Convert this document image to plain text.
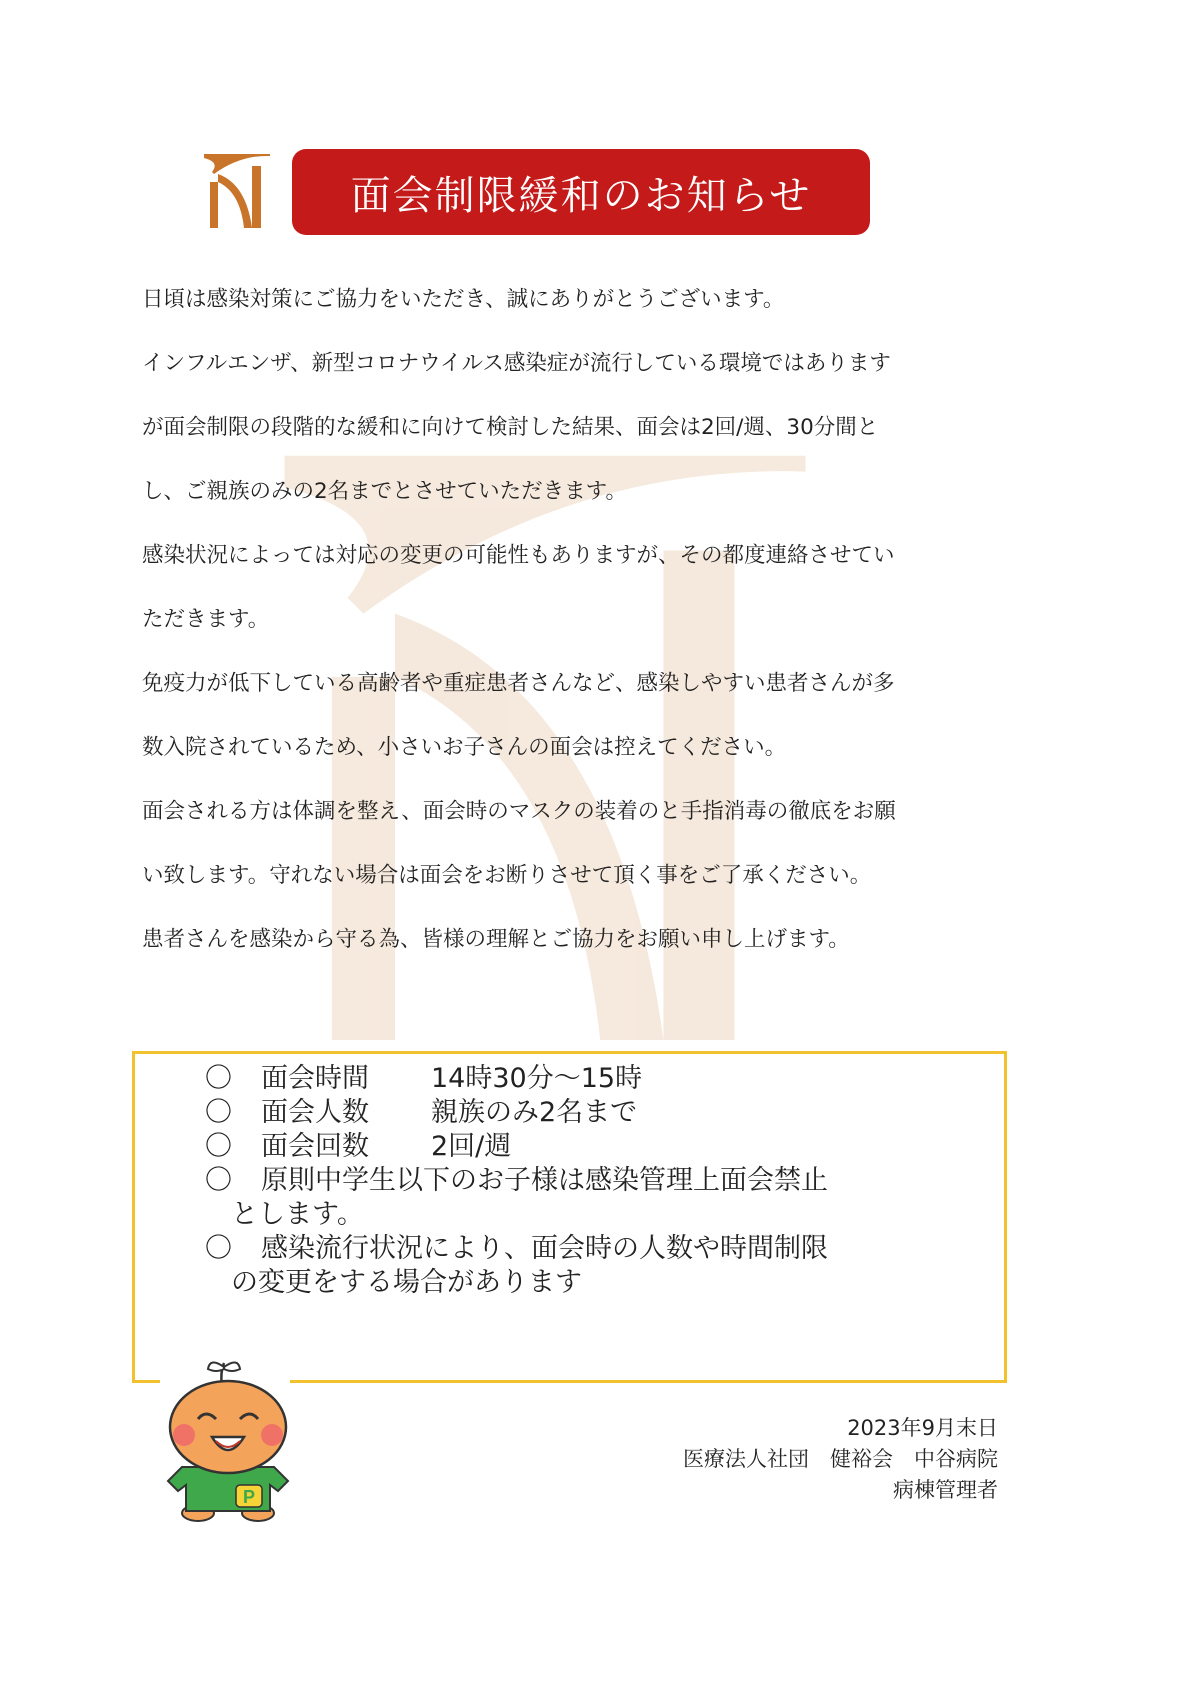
面会制限緩和のお知らせ
日頃は感染対策にご協力をいただき、誠にありがとうございます。
インフルエンザ、新型コロナウイルス感染症が流行している環境ではあります
が面会制限の段階的な緩和に向けて検討した結果、面会は2回/週、30分間と
し、ご親族のみの2名までとさせていただきます。
感染状況によっては対応の変更の可能性もありますが、その都度連絡させてい
ただきます。
免疫力が低下している高齢者や重症患者さんなど、感染しやすい患者さんが多
数入院されているため、小さいお子さんの面会は控えてください。
面会される方は体調を整え、面会時のマスクの装着のと手指消毒の徹底をお願
い致します。守れない場合は面会をお断りさせて頂く事をご了承ください。
患者さんを感染から守る為、皆様の理解とご協力をお願い申し上げます。
〇	面会時間	14時30分～15時
〇	面会人数	親族のみ2名まで
〇	面会回数	2回/週
〇	原則中学生以下のお子様は感染管理上面会禁止
とします。
〇	感染流行状況により、面会時の人数や時間制限
の変更をする場合があります
P
2023年9月末日
医療法人社団　健裕会　中谷病院
病棟管理者
